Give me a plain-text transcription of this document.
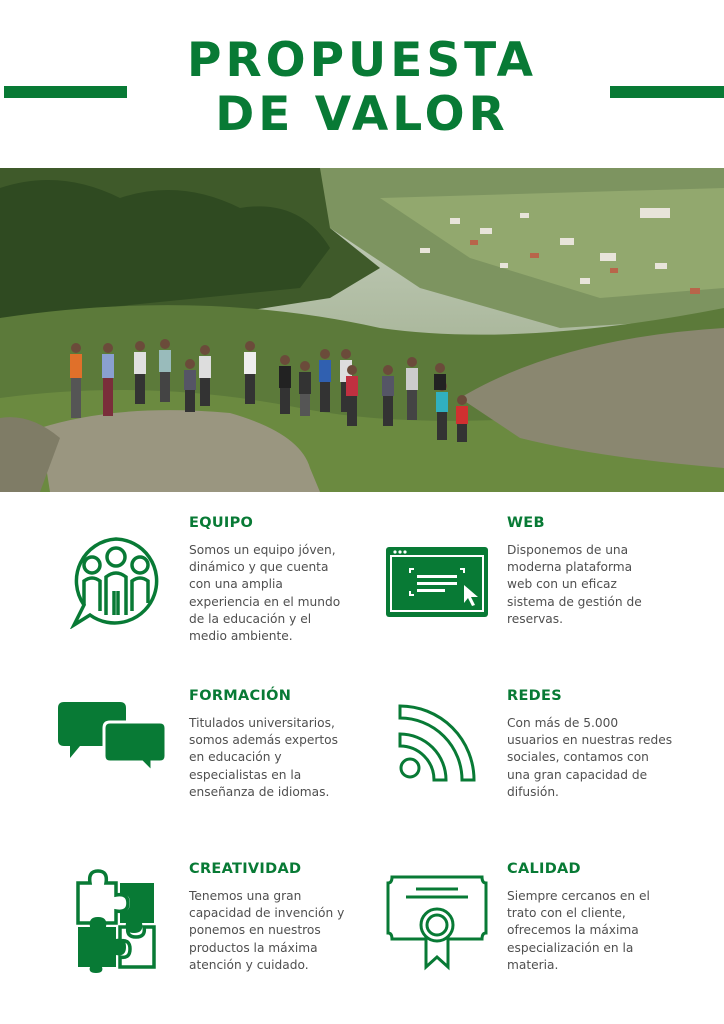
PROPUESTA
DE VALOR
EQUIPO
Somos un equipo jóven,
dinámico y que cuenta
con una amplia
experiencia en el mundo
de la educación y el
medio ambiente.
WEB
Disponemos de una
moderna plataforma
web con un eficaz
sistema de gestión de
reservas.
FORMACIÓN
Titulados universitarios,
somos además expertos
en educación y
especialistas en la
enseñanza de idiomas.
REDES
Con más de 5.000
usuarios en nuestras redes
sociales, contamos con
una gran capacidad de
difusión.
CREATIVIDAD
Tenemos una gran
capacidad de invención y
ponemos en nuestros
productos la máxima
atención y cuidado.
CALIDAD
Siempre cercanos en el
trato con el cliente,
ofrecemos la máxima
especialización en la
materia.
